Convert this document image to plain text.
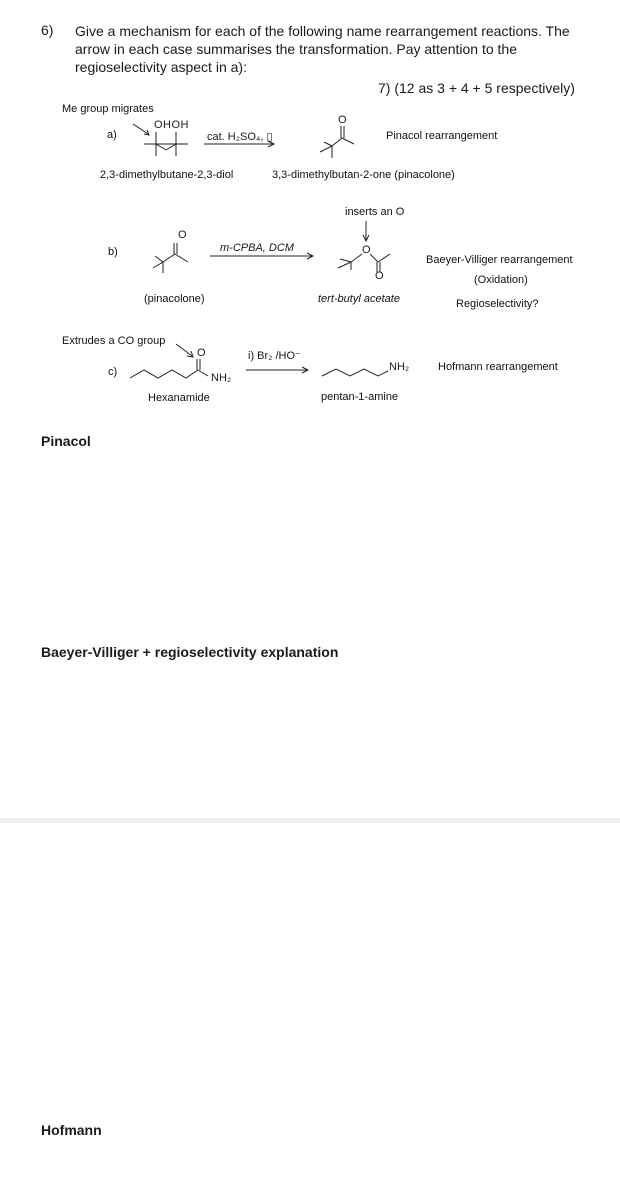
6) Give a mechanism for each of the following name rearrangement reactions. The arrow in each case summarises the transformation. Pay attention to the regioselectivity aspect in a):
7) (12 as 3 + 4 + 5 respectively)
Me group migrates
a)
OHOH
cat. H₂SO₄, ▯
O
Pinacol rearrangement
2,3-dimethylbutane-2,3-diol	3,3-dimethylbutan-2-one (pinacolone)
inserts an O
b)
O
m-CPBA, DCM	O
O
Baeyer-Villiger rearrangement
(Oxidation)
(pinacolone)	tert-butyl acetate	Regioselectivity?
Extrudes a CO group
c)
O
NH₂
i) Br₂ /HO⁻
NH₂	Hofmann rearrangement
Hexanamide	pentan-1-amine
Pinacol
Baeyer-Villiger + regioselectivity explanation
Hofmann
